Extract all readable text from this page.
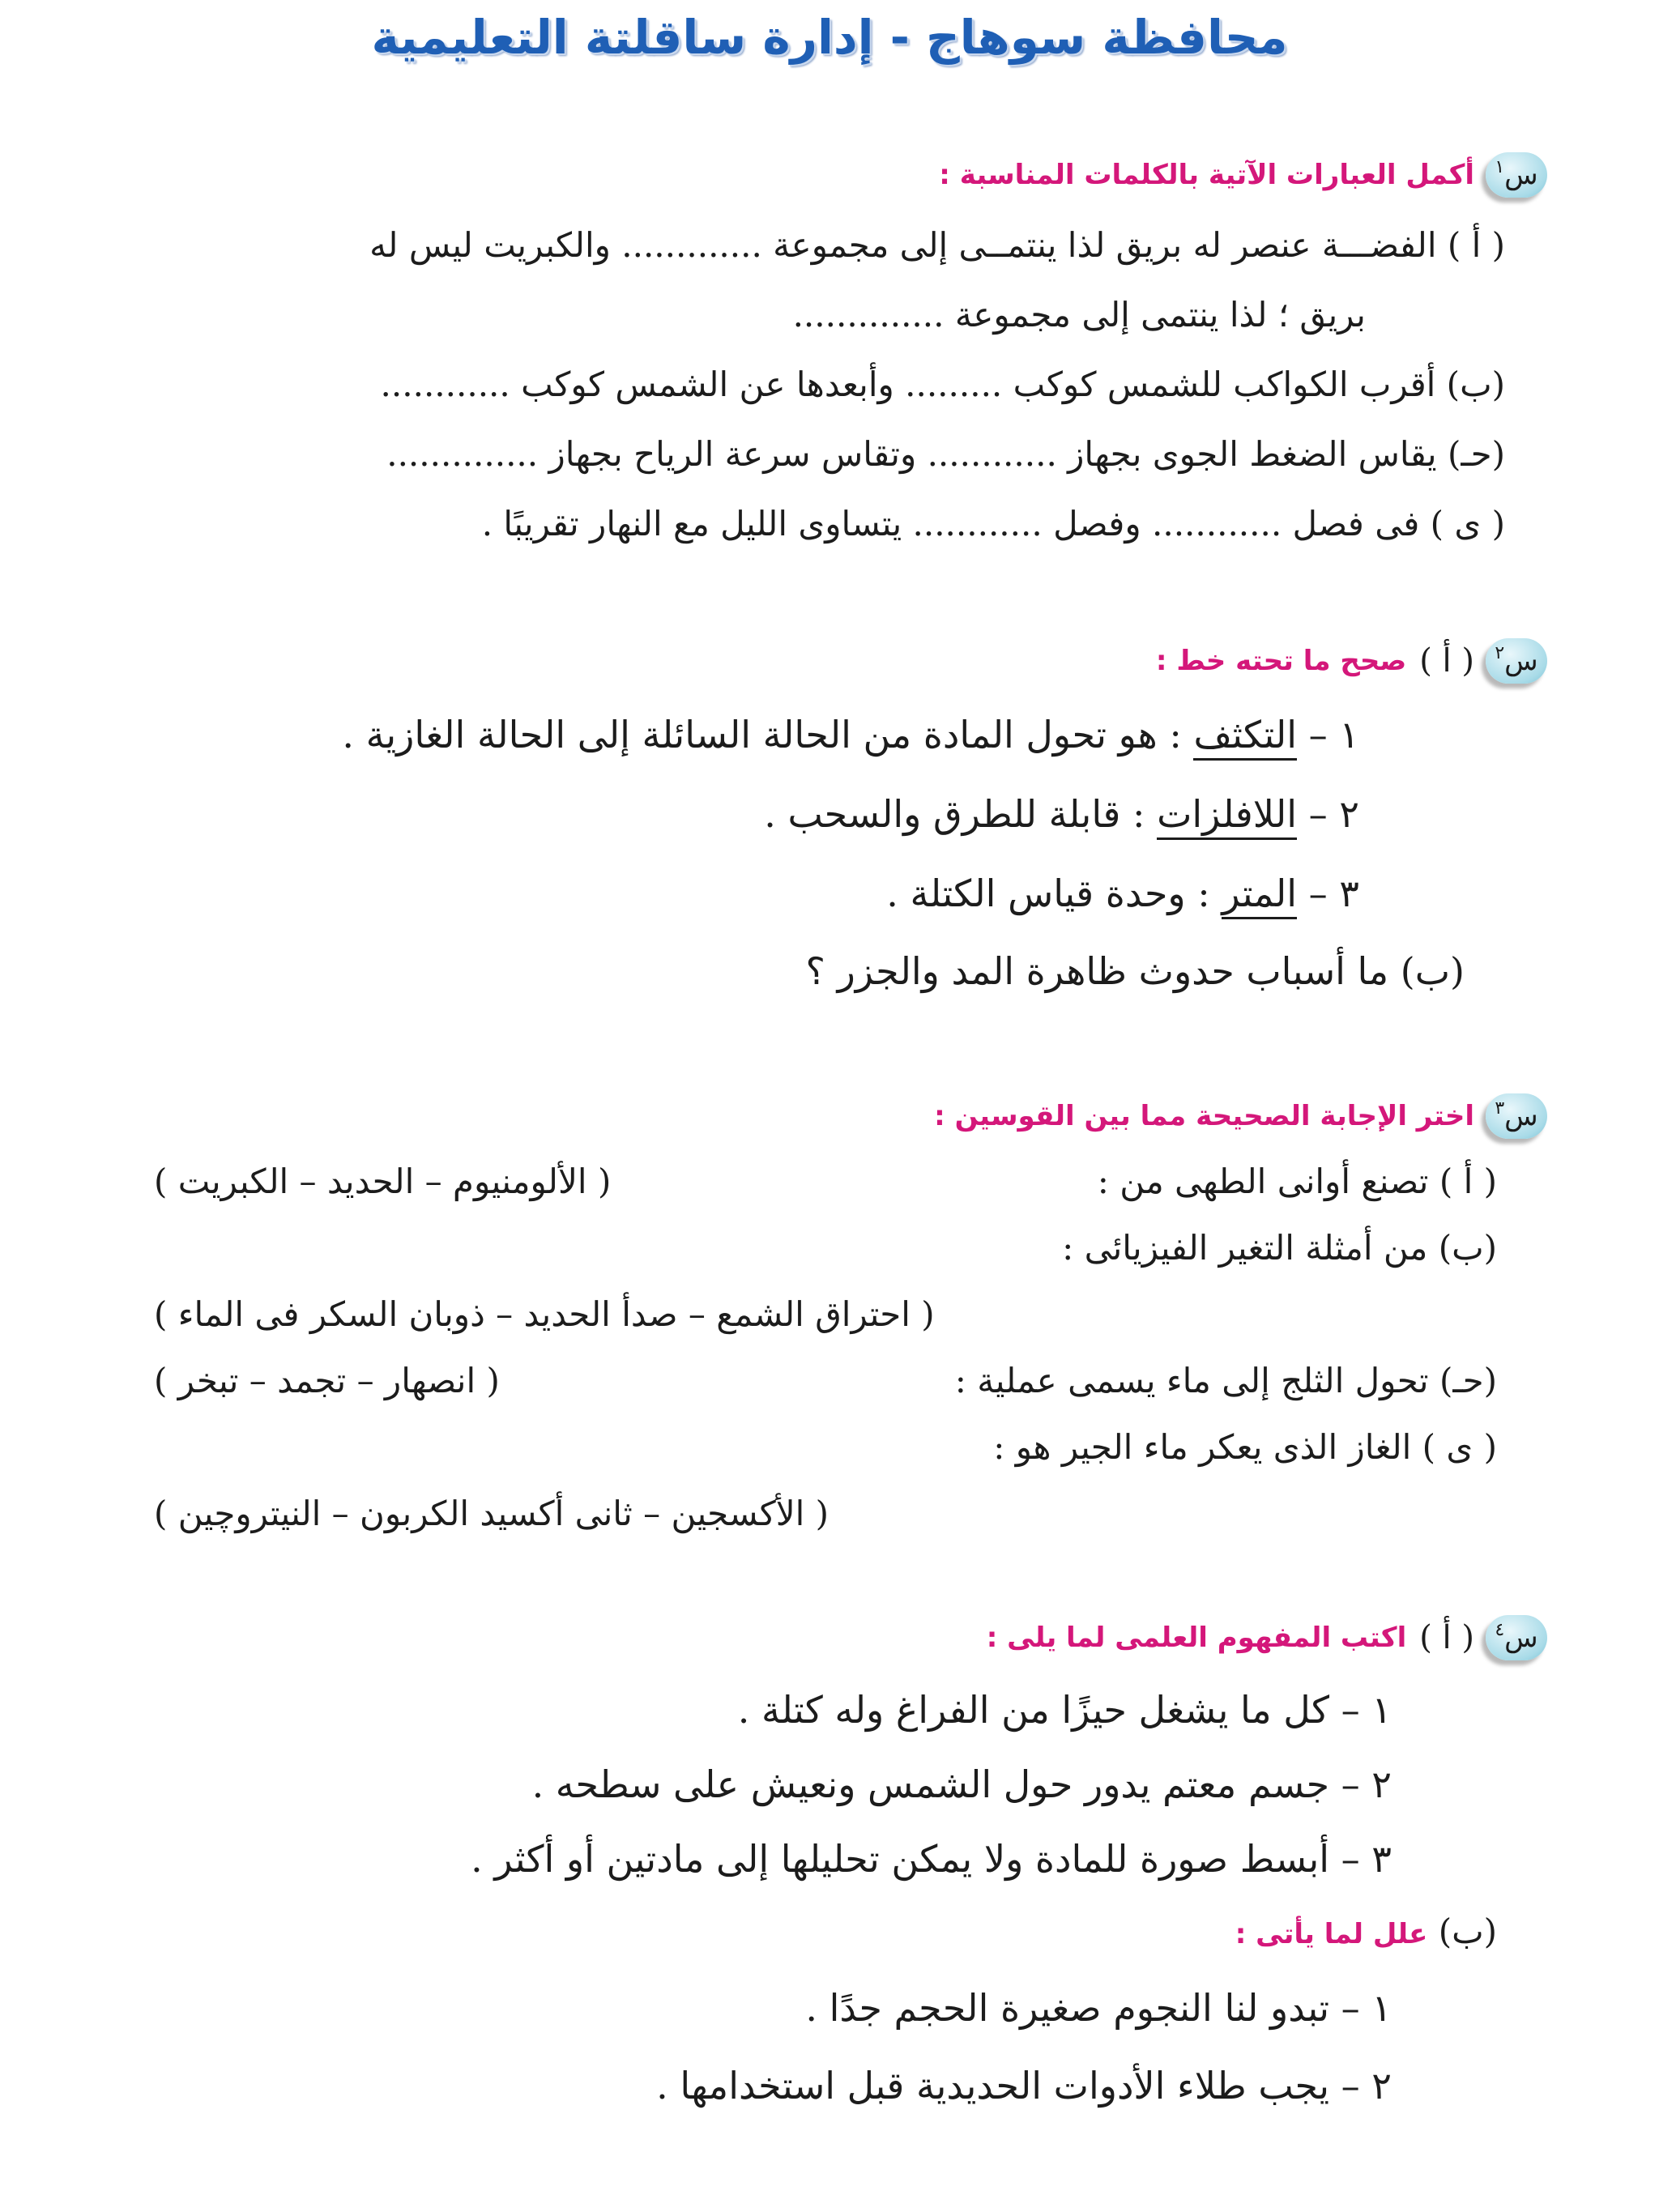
محافظة سوهاج - إدارة ساقلتة التعليمية
س
$^١$
أكمل العبارات الآتية بالكلمات المناسبة :
( أ ) الفضـــة عنصر له بريق لذا ينتمــى إلى مجموعة ............. والكبريت ليس له
بريق ؛ لذا ينتمى إلى مجموعة ..............
(ب) أقرب الكواكب للشمس كوكب ......... وأبعدها عن الشمس كوكب ............
(حـ) يقاس الضغط الجوى بجهاز ............ وتقاس سرعة الرياح بجهاز ..............
( ى ) فى فصل ............ وفصل ............ يتساوى الليل مع النهار تقريبًا .
س
$^٢$
( أ )
صحح ما تحته خط :
١ – التكثف : هو تحول المادة من الحالة السائلة إلى الحالة الغازية .
٢ – اللافلزات : قابلة للطرق والسحب .
٣ – المتر : وحدة قياس الكتلة .
(ب) ما أسباب حدوث ظاهرة المد والجزر ؟
س
$^٣$
اختر الإجابة الصحيحة مما بين القوسين :
( أ ) تصنع أوانى الطهى من :
( الألومنيوم – الحديد – الكبريت )
(ب) من أمثلة التغير الفيزيائى :
( احتراق الشمع – صدأ الحديد – ذوبان السكر فى الماء )
(حـ) تحول الثلج إلى ماء يسمى عملية :
( انصهار – تجمد – تبخر )
( ى ) الغاز الذى يعكر ماء الجير هو :
( الأكسجين – ثانى أكسيد الكربون – النيتروچين )
س
$^٤$
( أ )
اكتب المفهوم العلمى لما يلى :
١ – كل ما يشغل حيزًا من الفراغ وله كتلة .
٢ – جسم معتم يدور حول الشمس ونعيش على سطحه .
٣ – أبسط صورة للمادة ولا يمكن تحليلها إلى مادتين أو أكثر .
(ب) علل لما يأتى :
١ – تبدو لنا النجوم صغيرة الحجم جدًا .
٢ – يجب طلاء الأدوات الحديدية قبل استخدامها .
